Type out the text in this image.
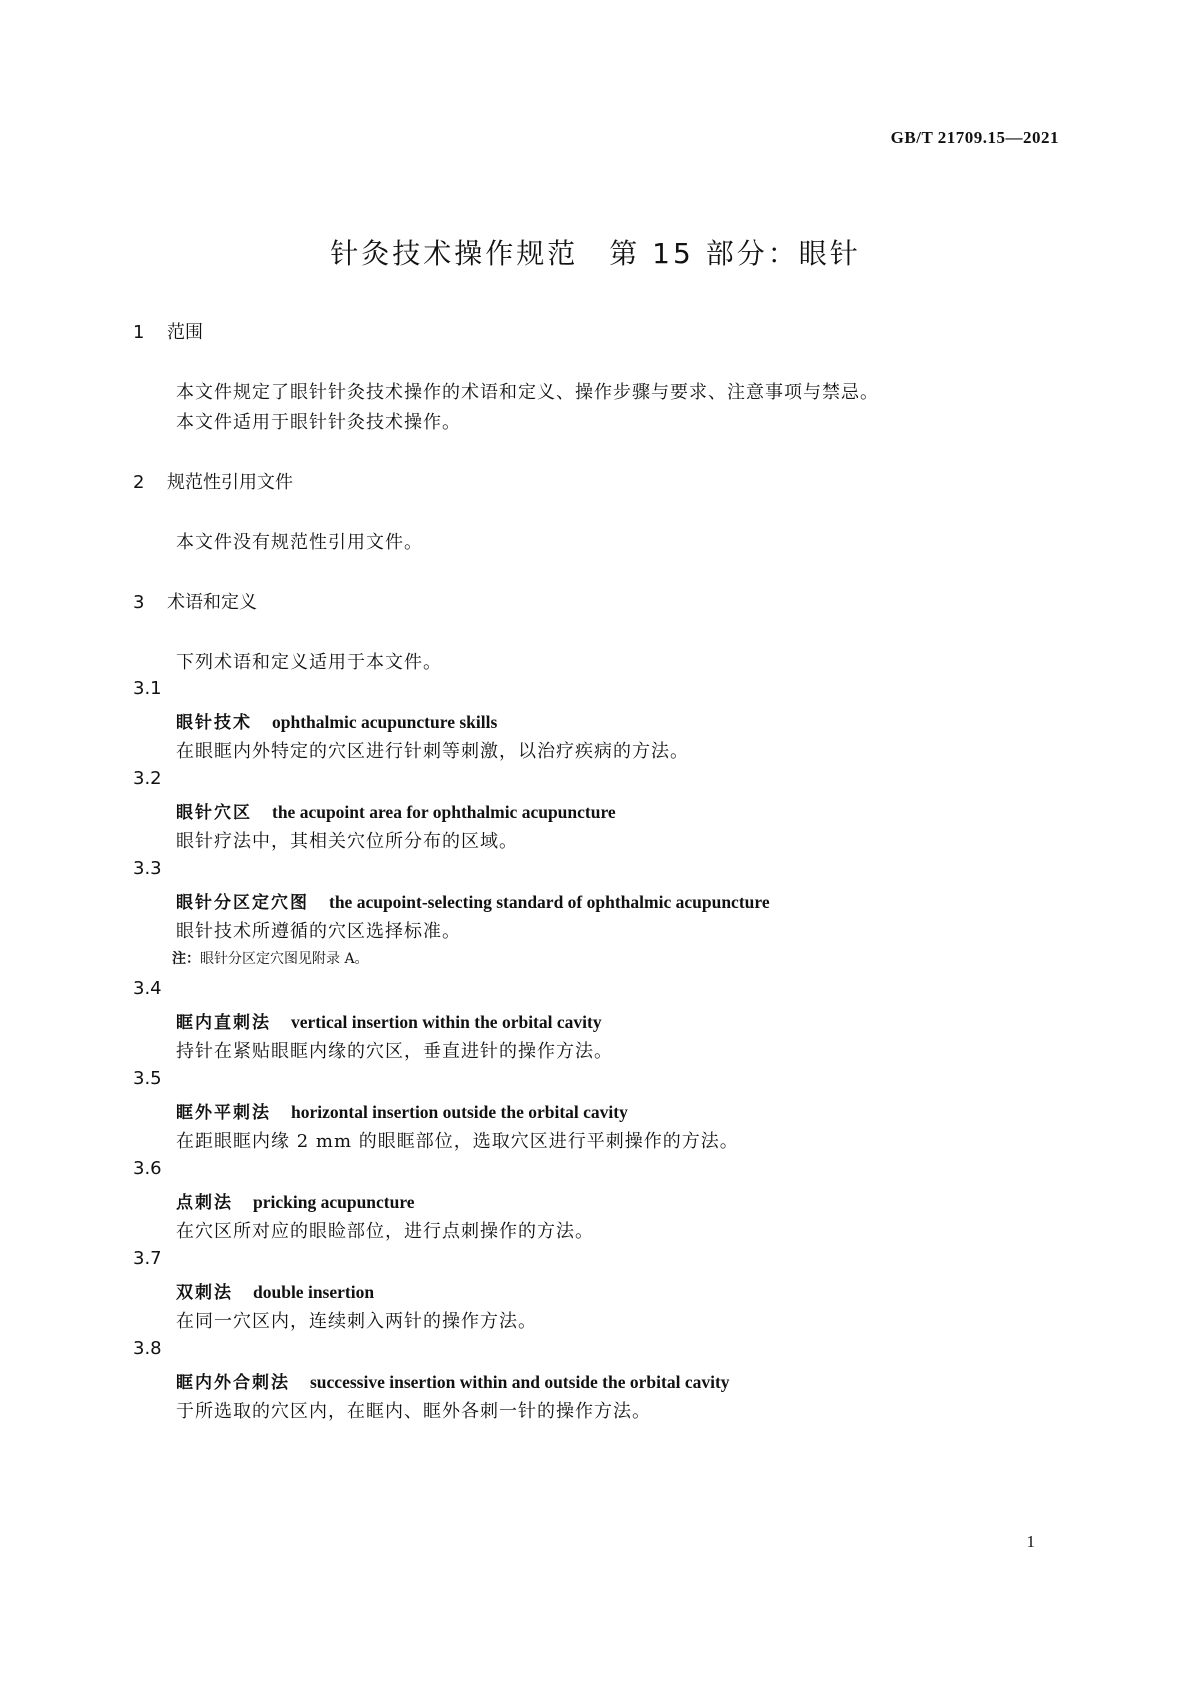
GB/T 21709.15—2021
针灸技术操作规范　第 15 部分：眼针
1 范围
本文件规定了眼针针灸技术操作的术语和定义、操作步骤与要求、注意事项与禁忌。
本文件适用于眼针针灸技术操作。
2 规范性引用文件
本文件没有规范性引用文件。
3 术语和定义
下列术语和定义适用于本文件。
3.1
眼针技术 ophthalmic acupuncture skills
在眼眶内外特定的穴区进行针刺等刺激，以治疗疾病的方法。
3.2
眼针穴区 the acupoint area for ophthalmic acupuncture
眼针疗法中，其相关穴位所分布的区域。
3.3
眼针分区定穴图 the acupoint-selecting standard of ophthalmic acupuncture
眼针技术所遵循的穴区选择标准。
注：眼针分区定穴图见附录 A。
3.4
眶内直刺法 vertical insertion within the orbital cavity
持针在紧贴眼眶内缘的穴区，垂直进针的操作方法。
3.5
眶外平刺法 horizontal insertion outside the orbital cavity
在距眼眶内缘 2 mm 的眼眶部位，选取穴区进行平刺操作的方法。
3.6
点刺法 pricking acupuncture
在穴区所对应的眼睑部位，进行点刺操作的方法。
3.7
双刺法 double insertion
在同一穴区内，连续刺入两针的操作方法。
3.8
眶内外合刺法 successive insertion within and outside the orbital cavity
于所选取的穴区内，在眶内、眶外各刺一针的操作方法。
1
